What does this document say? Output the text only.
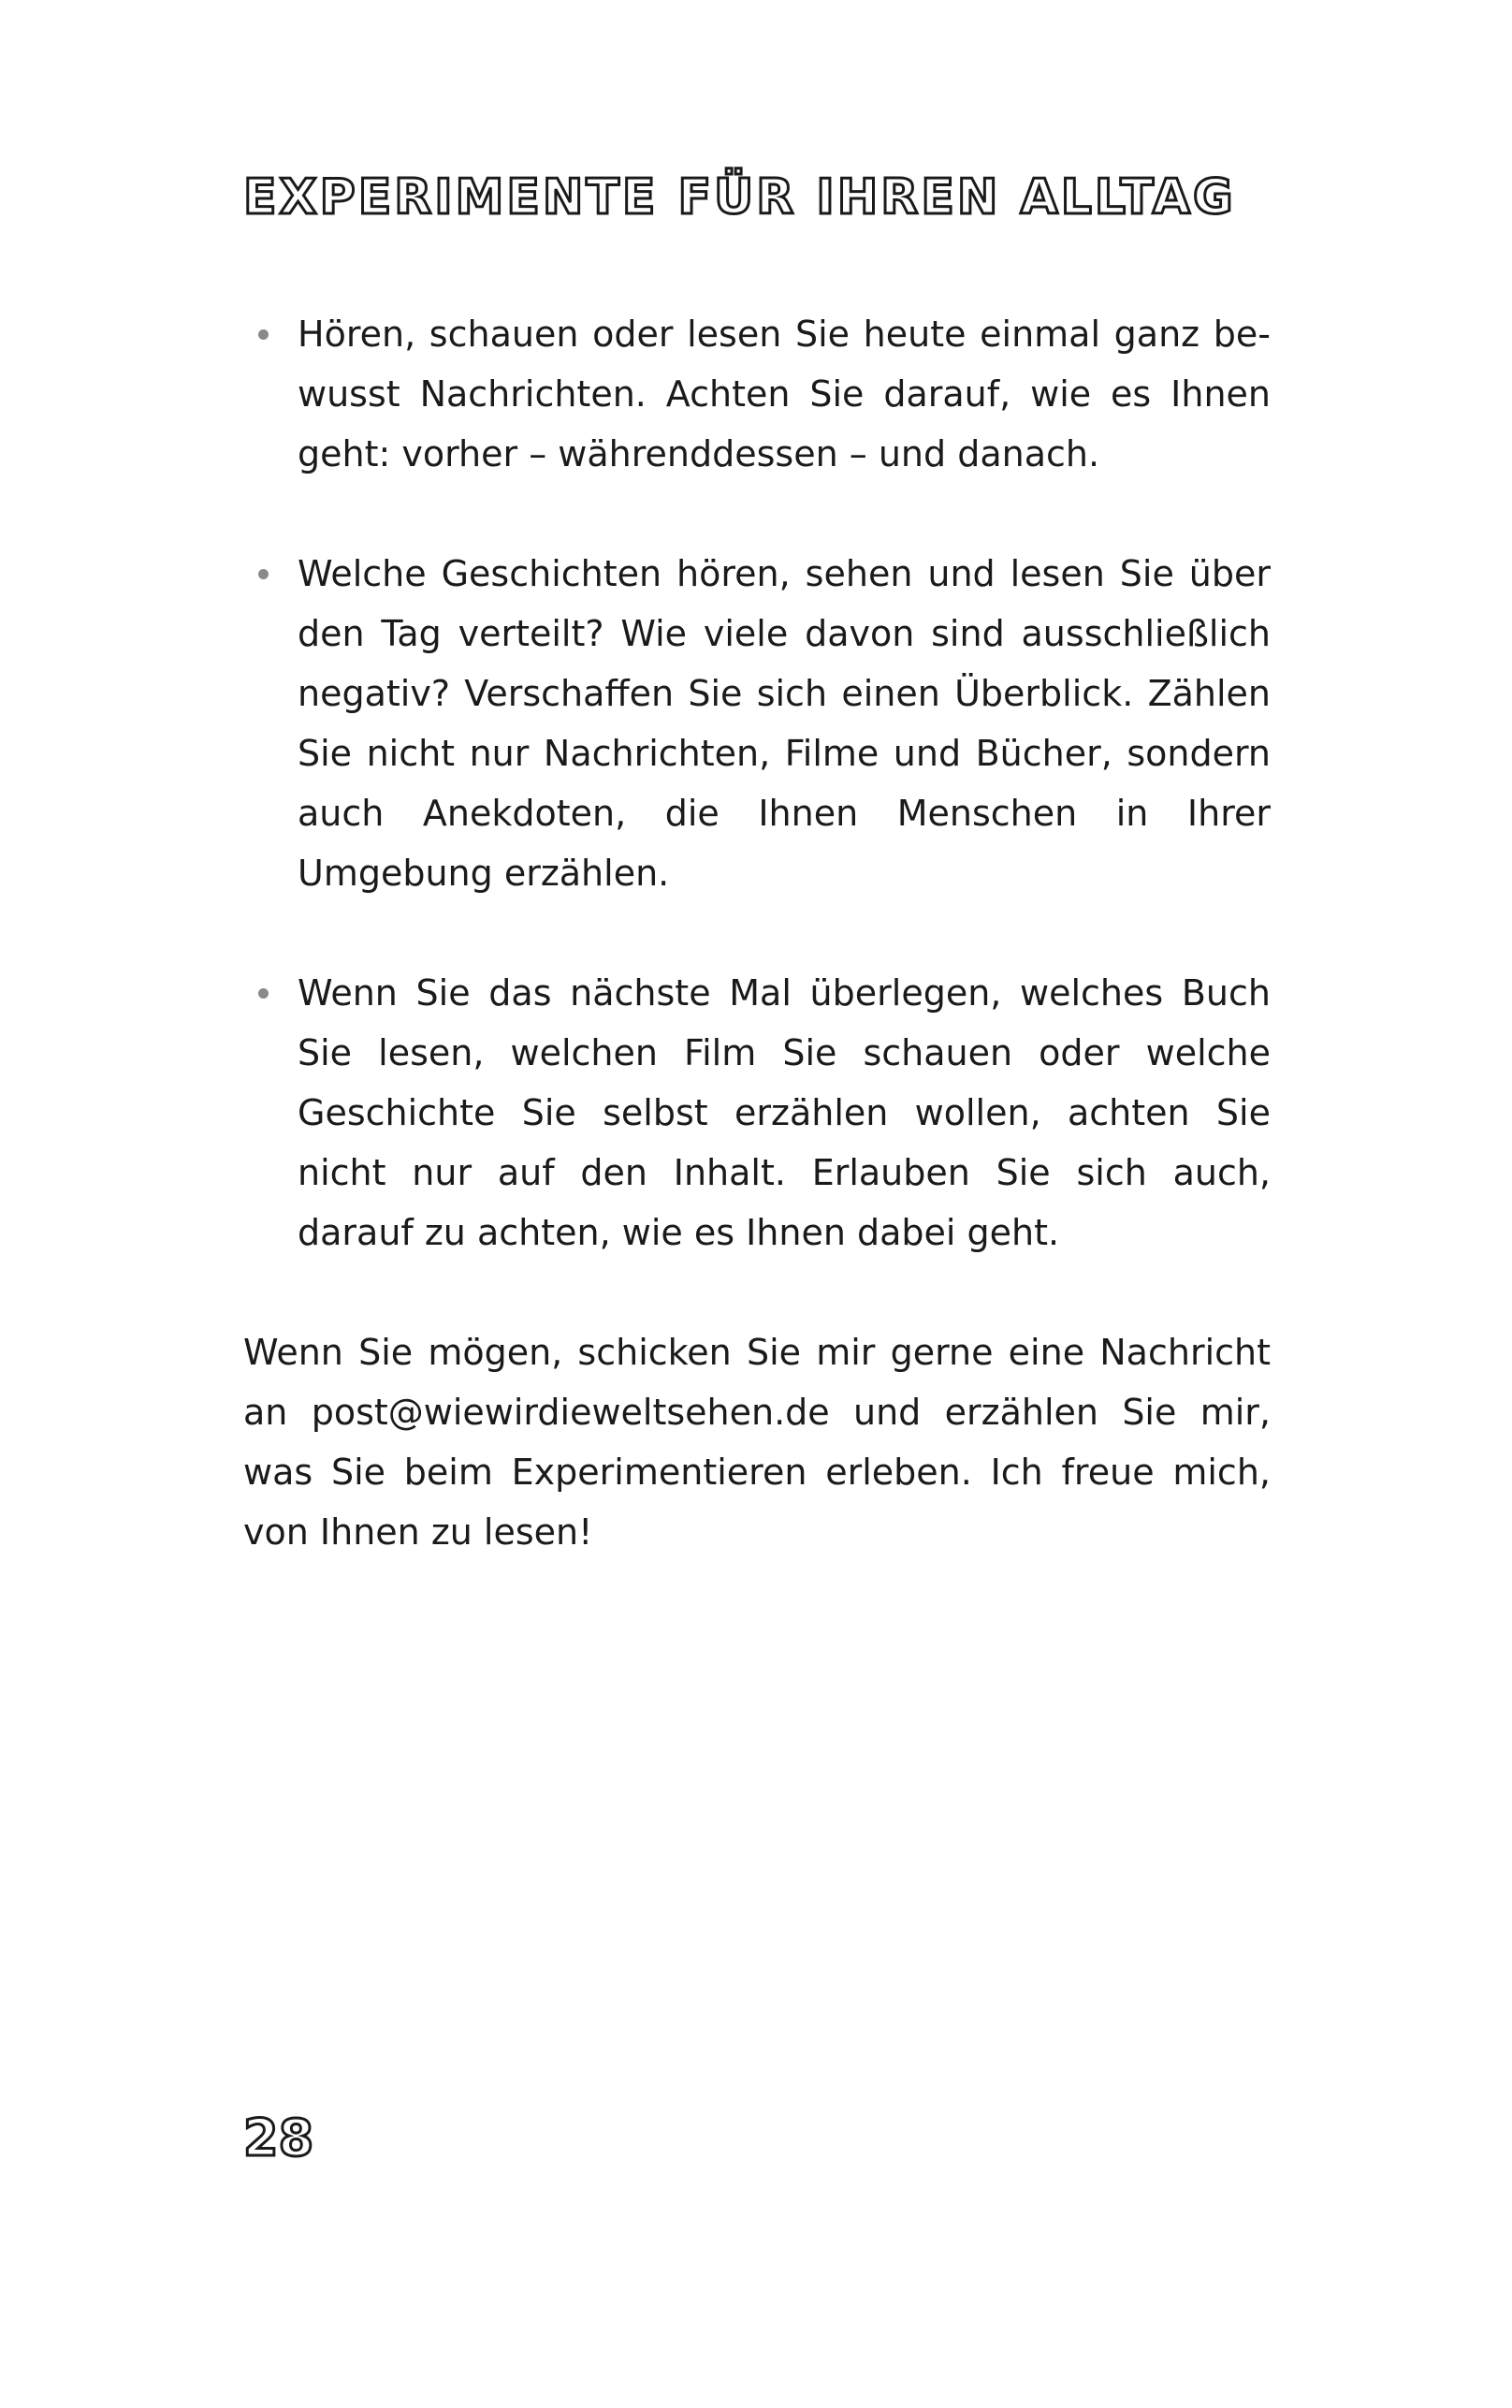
EXPERIMENTE FÜR IHREN ALLTAG
Hören, schauen oder lesen Sie heute einmal ganz bewusst Nachrichten. Achten Sie darauf, wie es Ihnen geht: vorher – währenddessen – und danach.
Welche Geschichten hören, sehen und lesen Sie über den Tag verteilt? Wie viele davon sind ausschließlich negativ? Verschaffen Sie sich einen Überblick. Zählen Sie nicht nur Nachrichten, Filme und Bücher, sondern auch Anekdoten, die Ihnen Menschen in Ihrer Umgebung erzählen.
Wenn Sie das nächste Mal überlegen, welches Buch Sie lesen, welchen Film Sie schauen oder welche Geschichte Sie selbst erzählen wollen, achten Sie nicht nur auf den Inhalt. Erlauben Sie sich auch, darauf zu achten, wie es Ihnen dabei geht.

Wenn Sie mögen, schicken Sie mir gerne eine Nachricht an post@wiewirdieweltsehen.de und erzählen Sie mir, was Sie beim Experimentieren erleben. Ich freue mich, von Ihnen zu lesen!

28
